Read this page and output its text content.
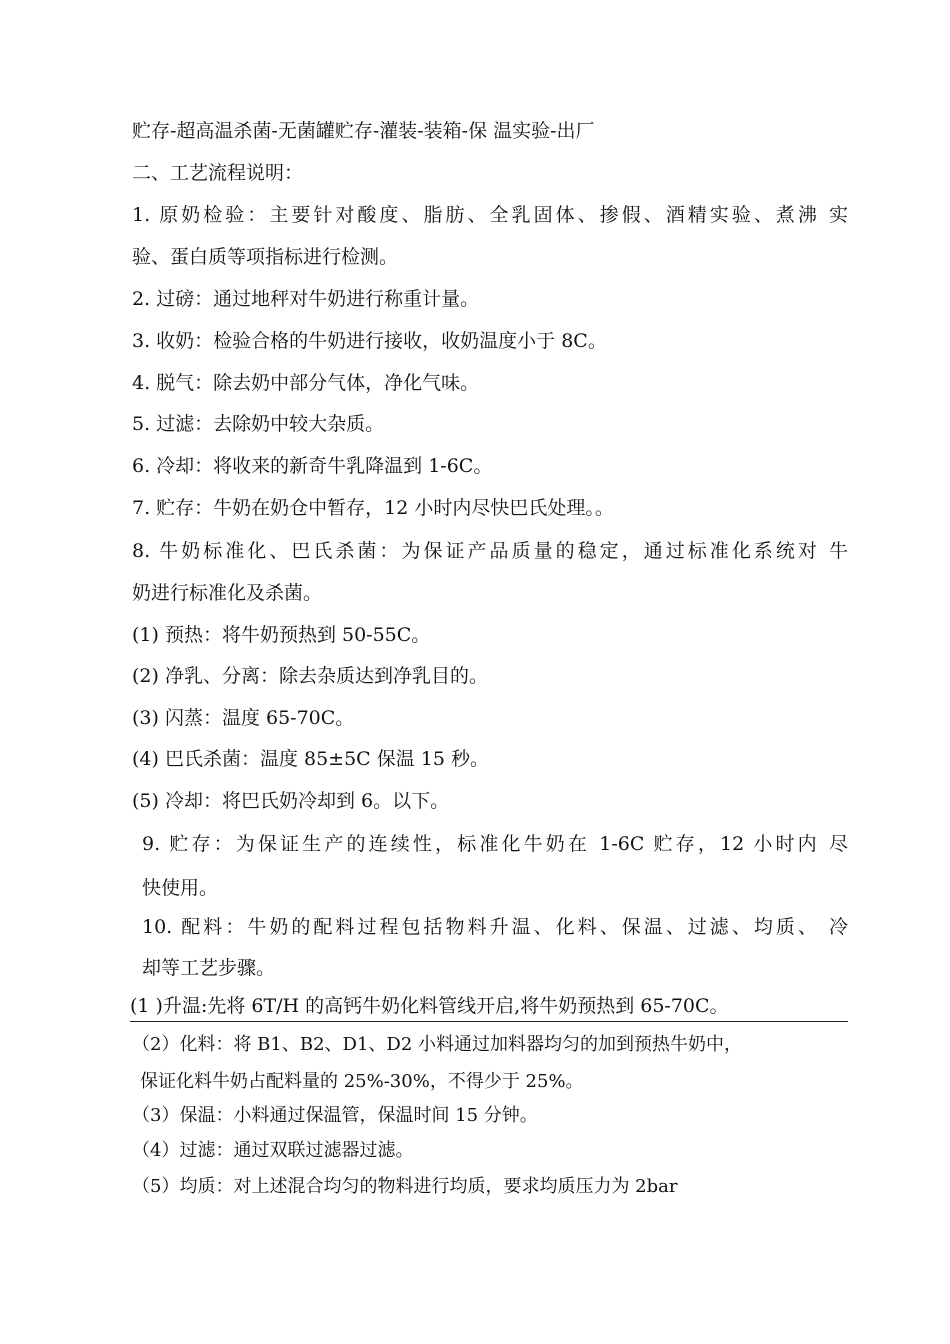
贮存-超高温杀菌-无菌罐贮存-灌装-装箱-保 温实验-出厂
二、工艺流程说明：
1. 原奶检验：主要针对酸度、脂肪、全乳固体、掺假、酒精实验、煮沸 实
验、蛋白质等项指标进行检测。
2. 过磅：通过地秤对牛奶进行称重计量。
3. 收奶：检验合格的牛奶进行接收，收奶温度小于 8C。
4. 脱气：除去奶中部分气体，净化气味。
5. 过滤：去除奶中较大杂质。
6. 冷却：将收来的新奇牛乳降温到 1-6C。
7. 贮存：牛奶在奶仓中暂存，12 小时内尽快巴氏处理。。
8. 牛奶标准化、巴氏杀菌：为保证产品质量的稳定，通过标准化系统对 牛
奶进行标准化及杀菌。
(1) 预热：将牛奶预热到 50-55C。
(2) 净乳、分离：除去杂质达到净乳目的。
(3) 闪蒸：温度 65-70C。
(4) 巴氏杀菌：温度 85±5C 保温 15 秒。
(5) 冷却：将巴氏奶冷却到 6。以下。
9. 贮存：为保证生产的连续性，标准化牛奶在 1-6C 贮存，12 小时内 尽
快使用。
10. 配料：牛奶的配料过程包括物料升温、化料、保温、过滤、均质、 冷
却等工艺步骤。
(1 )升温:先将 6T/H 的高钙牛奶化料管线开启,将牛奶预热到 65-70C。
（2）化料：将 B1、B2、D1、D2 小料通过加料器均匀的加到预热牛奶中，
保证化料牛奶占配料量的 25%-30%，不得少于 25%。
（3）保温：小料通过保温管，保温时间 15 分钟。
（4）过滤：通过双联过滤器过滤。
（5）均质：对上述混合均匀的物料进行均质，要求均质压力为 2bar
